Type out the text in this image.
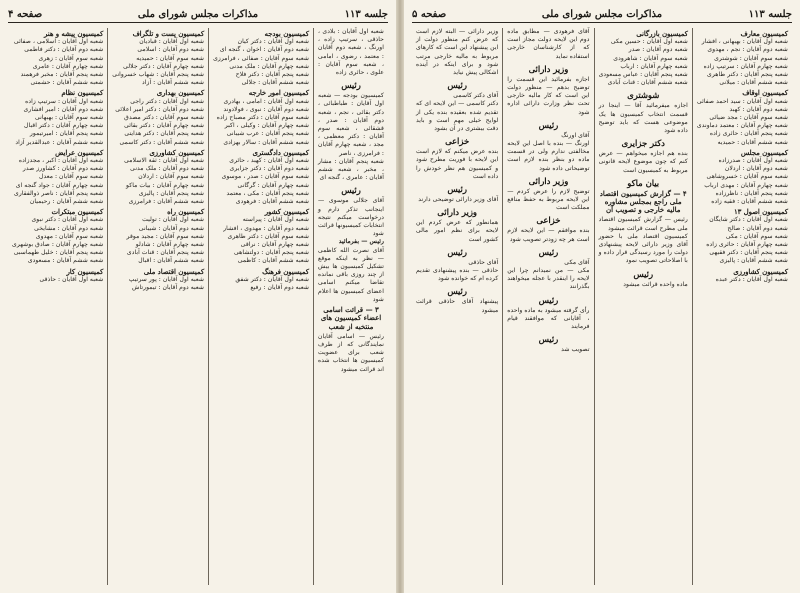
صفحه ۴	مذاکرات مجلس شورای ملی	جلسه ۱۱۳

شعبه اول آقایان : بلادی ، حاذقی ، سرتیپ زاده ، اورنگ ، شعبه دوم آقایان : معتمد ، رضوی ، امامی ، شعبه سوم آقایان : علوی ، حائری زاده

رئیس

کمیسیون بودجه — شعبه اول آقایان : طباطبائی ، دکتر بقائی ، نجم ، شعبه دوم آقایان : صدر ، قشقائی ، شعبه سوم آقایان : دکتر معظمی ، مجد ، شعبه چهارم آقایان : فرامرزی ، ناصر

شعبه پنجم آقایان : مشار ، مخبر ، شعبه ششم آقایان : عامری ، گنجه ای

رئیس

آقای جلالی موسوی — اینجانب تذکر دارم و درخواست میکنم نتیجه انتخابات کمیسیونها قرائت شود

رئیس — بفرمائید

آقای نصرت الله کاظمی — نظر به اینکه موقع تشکیل کمیسیون ها بیش از چند روزی باقی نمانده تقاضا میکنم اسامی اعضای کمیسیون ها اعلام شود

۳ — قرائت اسامی اعضاء کمیسیون های منتخبه از شعب

رئیس — اسامی آقایان نمایندگانی که از طرف شعب برای عضویت کمیسیون ها انتخاب شده اند قرائت میشود

کمیسیون بودجه
شعبه اول آقایان : دکتر کیان
شعبه دوم آقایان : اخوان ، گنجه ای
شعبه سوم آقایان : صفائی ، فرامرزی
شعبه چهارم آقایان : ملک مدنی
شعبه پنجم آقایان : دکتر فلاح
شعبه ششم آقایان : جلالی
کمیسیون امور خارجه
شعبه اول آقایان : امامی ، بهادری
شعبه دوم آقایان : نبوی ، فولادوند
شعبه سوم آقایان : دکتر مصباح زاده
شعبه چهارم آقایان : وکیلی ، اکبر
شعبه پنجم آقایان : عرب شیبانی
شعبه ششم آقایان : سالار بهزادی
کمیسیون دادگستری
شعبه اول آقایان : کهبد ، حائری
شعبه دوم آقایان : دکتر جزایری
شعبه سوم آقایان : صدر ، موسوی
شعبه چهارم آقایان : گرگانی
شعبه پنجم آقایان : مکی ، معتمد
شعبه ششم آقایان : فرهودی
کمیسیون کشور
شعبه اول آقایان : پیراسته
شعبه دوم آقایان : مهدوی ، افشار
شعبه سوم آقایان : دکتر طاهری
شعبه چهارم آقایان : نراقی
شعبه پنجم آقایان : دولتشاهی
شعبه ششم آقایان : کاظمی
کمیسیون فرهنگ
شعبه اول آقایان : دکتر شفق
شعبه دوم آقایان : رفیع
کمیسیون پست و تلگراف
شعبه اول آقایان : قبادیان
شعبه دوم آقایان : اسلامی
شعبه سوم آقایان : حمیدیه
شعبه چهارم آقایان : دکتر جلالی
شعبه پنجم آقایان : شهاب خسروانی
شعبه ششم آقایان : آزاد
کمیسیون بهداری
شعبه اول آقایان : دکتر راجی
شعبه دوم آقایان : دکتر امیر اعلائی
شعبه سوم آقایان : دکتر مصدق
شعبه چهارم آقایان : دکتر بقائی
شعبه پنجم آقایان : دکتر هدایتی
شعبه ششم آقایان : دکتر کاسمی
کمیسیون کشاورزی
شعبه اول آقایان : ثقة الاسلامی
شعبه دوم آقایان : ملک مدنی
شعبه سوم آقایان : اردلان
شعبه چهارم آقایان : بیات ماکو
شعبه پنجم آقایان : پالیزی
شعبه ششم آقایان : فرامرزی
کمیسیون راه
شعبه اول آقایان : تولیت
شعبه دوم آقایان : شیبانی
شعبه سوم آقایان : مجید موقر
شعبه چهارم آقایان : شادلو
شعبه پنجم آقایان : قنات آبادی
شعبه ششم آقایان : اقبال
کمیسیون اقتصاد ملی
شعبه اول آقایان : پور سرتیپ
شعبه دوم آقایان : تیمورتاش
کمیسیون پیشه و هنر
شعبه اول آقایان : اسلامی ، صفائی
شعبه دوم آقایان : دکتر فاطمی
شعبه سوم آقایان : زهری
شعبه چهارم آقایان : عامری
شعبه پنجم آقایان : مخبر فرهمند
شعبه ششم آقایان : حشمتی
کمیسیون نظام
شعبه اول آقایان : سرتیپ زاده
شعبه دوم آقایان : امیر افشاری
شعبه سوم آقایان : بهبهانی
شعبه چهارم آقایان : دکتر اقبال
شعبه پنجم آقایان : امیرتیمور
شعبه ششم آقایان : عبدالقدیر آزاد
کمیسیون عرایض
شعبه اول آقایان : اکبر ، مجدزاده
شعبه دوم آقایان : کشاورز صدر
شعبه سوم آقایان : معدل
شعبه چهارم آقایان : جواد گنجه ای
شعبه پنجم آقایان : ناصر ذوالفقاری
شعبه ششم آقایان : رحیمیان
کمیسیون مبتکرات
شعبه اول آقایان : دکتر نبوی
شعبه دوم آقایان : مشایخی
شعبه سوم آقایان : مهدوی
شعبه چهارم آقایان : صادق بوشهری
شعبه پنجم آقایان : خلیل طهماسبی
شعبه ششم آقایان : مسعودی
کمیسیون کار
شعبه اول آقایان : حاذقی
صفحه ۵	مذاکرات مجلس شورای ملی	جلسه ۱۱۳
کمیسیون معارف
شعبه اول آقایان : بهبهانی ، افشار
شعبه دوم آقایان : نجم ، مهدوی
شعبه سوم آقایان : شوشتری
شعبه چهارم آقایان : سرتیپ زاده
شعبه پنجم آقایان : دکتر طاهری
شعبه ششم آقایان : میلانی
کمیسیون اوقاف
شعبه اول آقایان : سید احمد صفائی
شعبه دوم آقایان : کهبد
شعبه سوم آقایان : مجد ضیائی
شعبه چهارم آقایان : معتمد دماوندی
شعبه پنجم آقایان : حائری زاده
شعبه ششم آقایان : حمیدیه
کمیسیون مجلس
شعبه اول آقایان : صدرزاده
شعبه دوم آقایان : اردلان
شعبه سوم آقایان : خسروشاهی
شعبه چهارم آقایان : مهدی ارباب
شعبه پنجم آقایان : ناظرزاده
شعبه ششم آقایان : فقیه زاده
کمیسیون اصول ۱۳
شعبه اول آقایان : دکتر شایگان
شعبه دوم آقایان : صالح
شعبه سوم آقایان : مکی
شعبه چهارم آقایان : حائری زاده
شعبه پنجم آقایان : دکتر فقیهی
شعبه ششم آقایان : پالیزی
کمیسیون کشاورزی
شعبه اول آقایان : دکتر عبده
کمیسیون بازرگانی
شعبه اول آقایان : حسین مکی
شعبه دوم آقایان : صدر
شعبه سوم آقایان : شاهرودی
شعبه چهارم آقایان : ارباب
شعبه پنجم آقایان : عباس مسعودی
شعبه ششم آقایان : قنات آبادی
شوشتری

اجازه میفرمائید آقا — اینجا در قسمت انتخاب کمیسیون ها یک موضوعی هست که باید توضیح داده شود

دکتر جزایری

بنده هم اجازه میخواهم — عرض کنم که چون موضوع لایحه قانونی مربوط به کمیسیون است

بیان ماکو
۴ — گزارش کمیسیون اقتصاد ملی راجع بمجلس مشاوره مالیه خارجی و تصویب آن

رئیس — گزارش کمیسیون اقتصاد ملی مطرح است قرائت میشود

کمیسیون اقتصاد ملی با حضور آقای وزیر دارائی لایحه پیشنهادی دولت را مورد رسیدگی قرار داده و با اصلاحاتی تصویب نمود

رئیس

ماده واحده قرائت میشود

آقای فرهودی — مطابق ماده دوم این لایحه دولت مجاز است که از کارشناسان خارجی استفاده نماید

وزیر دارائی

اجازه بفرمائید این قسمت را توضیح بدهم — منظور دولت این است که کار مالیه خارجی تحت نظر وزارت دارائی اداره شود

رئیس

آقای اورنگ

اورنگ — بنده با اصل این لایحه مخالفتی ندارم ولی در قسمت ماده دو بنظر بنده لازم است توضیحاتی داده شود

وزیر دارائی

توضیح لازم را عرض کردم — این لایحه مربوط به حفظ منافع مملکت است

خزاعی

بنده موافقم — این لایحه لازم است هر چه زودتر تصویب شود

رئیس

آقای مکی

مکی — من نمیدانم چرا این لایحه را اینقدر با عجله میخواهند بگذرانند

رئیس

رأی گرفته میشود به ماده واحده ، آقایانی که موافقند قیام فرمایند

رئیس

تصویب شد

وزیر دارائی — البته لازم است که عرض کنم منظور دولت از این پیشنهاد این است که کارهای مربوط به مالیه خارجی مرتب شود و برای اینکه در آینده اشکالی پیش نیاید

رئیس

آقای دکتر کاسمی

دکتر کاسمی — این لایحه ای که تقدیم شده بعقیده بنده یکی از لوایح خیلی مهم است و باید دقت بیشتری در آن بشود

خزاعی

بنده عرض میکنم که لازم است این لایحه با فوریت مطرح شود و کمیسیون هم نظر خودش را داده است

رئیس

آقای وزیر دارائی توضیحی دارند

وزیر دارائی

همانطور که عرض کردم این لایحه برای نظم امور مالی کشور است

رئیس

آقای حاذقی

حاذقی — بنده پیشنهادی تقدیم کرده ام که خوانده شود

رئیس

پیشنهاد آقای حاذقی قرائت میشود
